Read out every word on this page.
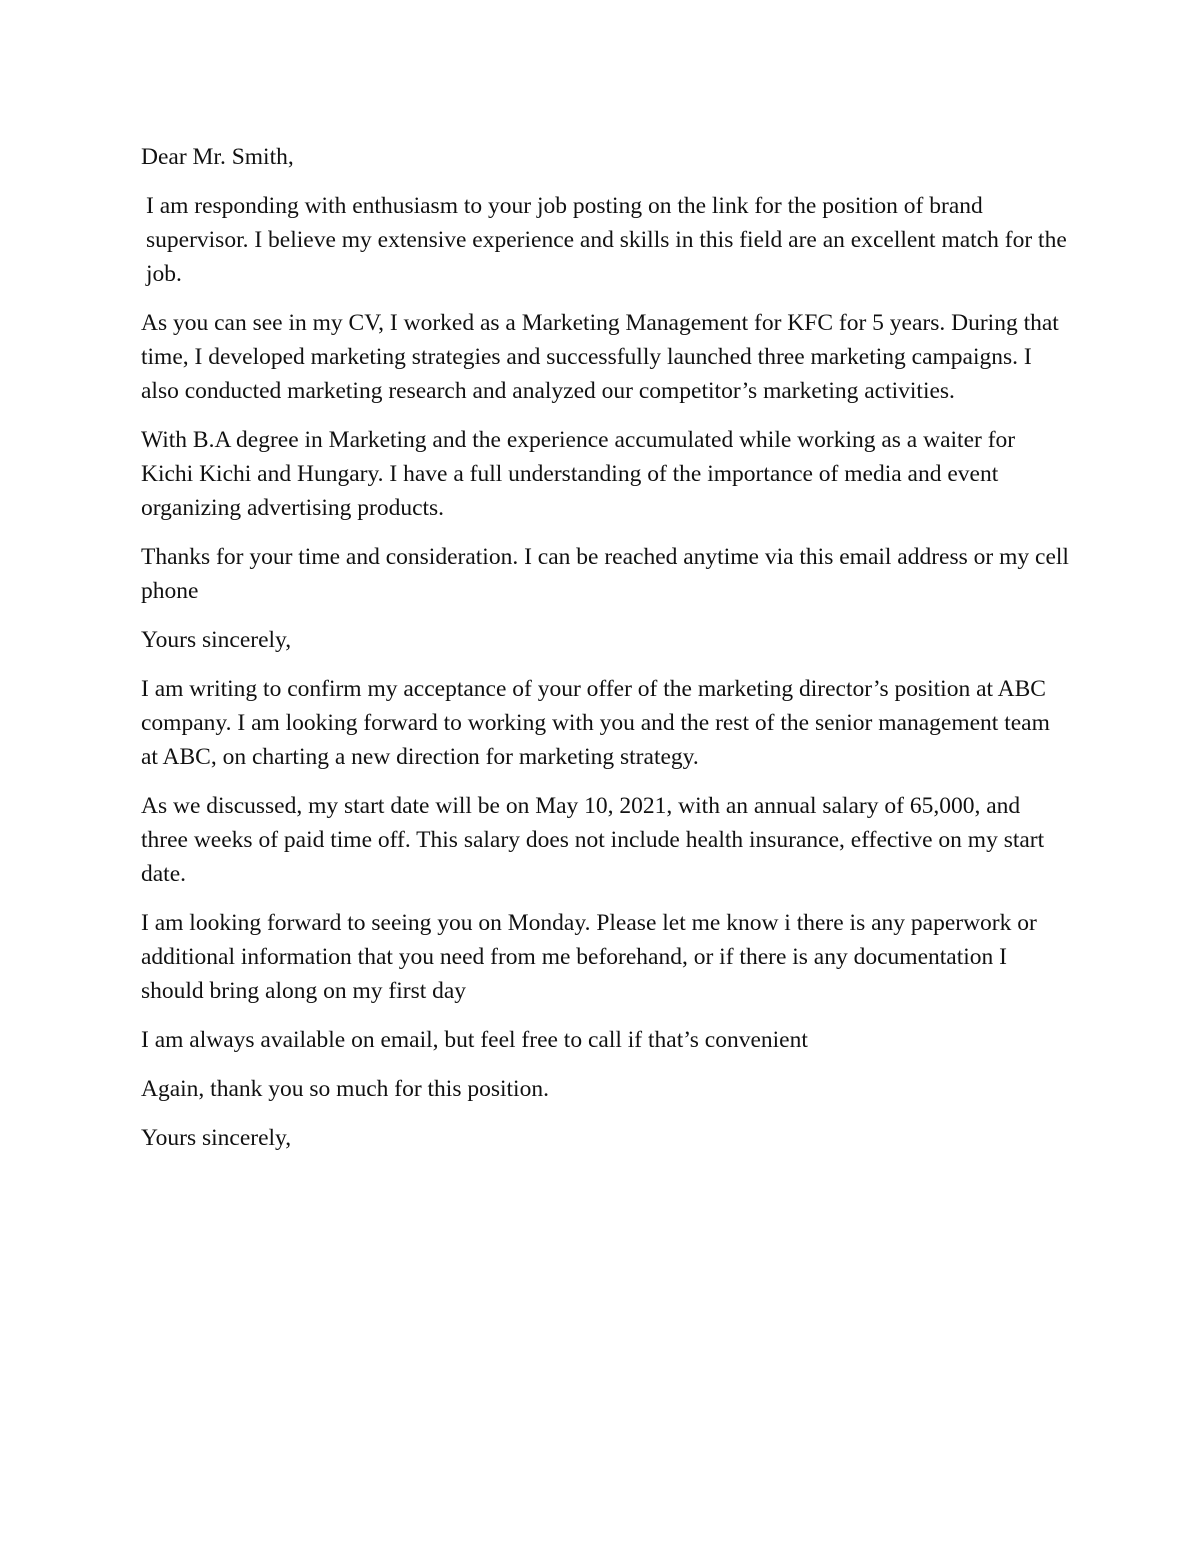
Dear Mr. Smith,

I am responding with enthusiasm to your job posting on the link for the position of brand supervisor. I believe my extensive experience and skills in this field are an excellent match for the job.

As you can see in my CV, I worked as a Marketing Management for KFC for 5 years. During that time, I developed marketing strategies and successfully launched three marketing campaigns. I also conducted marketing research and analyzed our competitor’s marketing activities.

With B.A degree in Marketing and the experience accumulated while working as a waiter for Kichi Kichi and Hungary. I have a full understanding of the importance of media and event organizing advertising products.

Thanks for your time and consideration. I can be reached anytime via this email address or my cell phone

Yours sincerely,

I am writing to confirm my acceptance of your offer of the marketing director’s position at ABC company. I am looking forward to working with you and the rest of the senior management team at ABC, on charting a new direction for marketing strategy.

As we discussed, my start date will be on May 10, 2021, with an annual salary of 65,000, and three weeks of paid time off. This salary does not include health insurance, effective on my start date.

I am looking forward to seeing you on Monday. Please let me know i there is any paperwork or additional information that you need from me beforehand, or if there is any documentation I should bring along on my first day

I am always available on email, but feel free to call if that’s convenient

Again, thank you so much for this position.

Yours sincerely,
